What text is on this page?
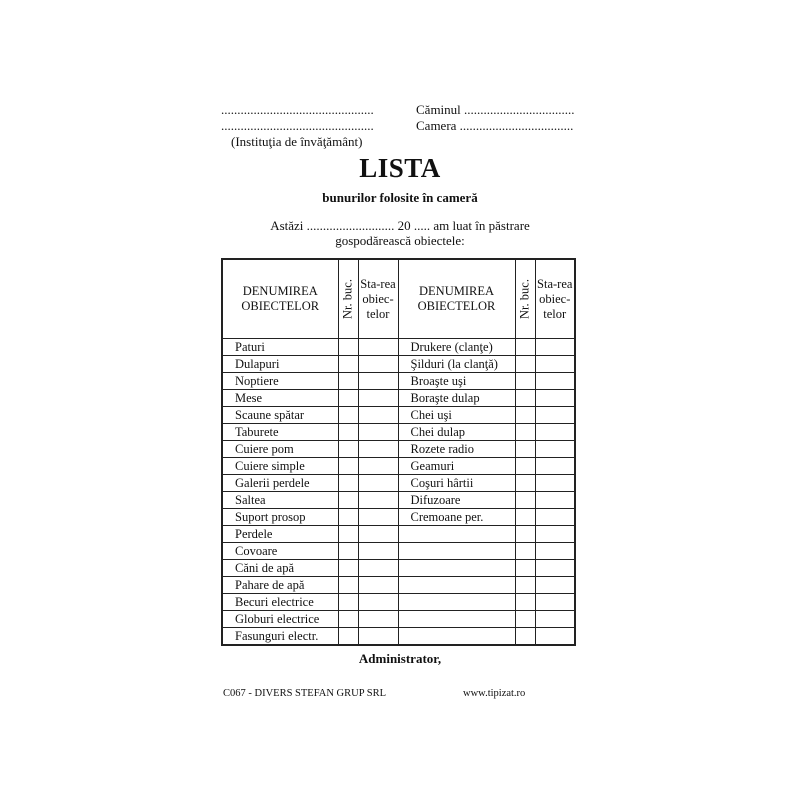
...............................................
...............................................
(Instituţia de învăţământ)
Căminul ..................................
Camera ...................................
LISTA
bunurilor folosite în cameră
Astăzi ........................... 20 ..... am luat în păstrare
gospodărească obiectele:
DENUMIREA OBIECTELOR	Nr. buc.	Sta-rea obiec-telor	DENUMIREA OBIECTELOR	Nr. buc.	Sta-rea obiec-telor
Paturi			Drukere (clanţe)		
Dulapuri			Şilduri (la clanţă)		
Noptiere			Broaşte uşi		
Mese			Boraşte dulap		
Scaune spătar			Chei uşi		
Taburete			Chei dulap		
Cuiere pom			Rozete radio		
Cuiere simple			Geamuri		
Galerii perdele			Coşuri hârtii		
Saltea			Difuzoare		
Suport prosop			Cremoane per.		
Perdele					
Covoare					
Căni de apă					
Pahare de apă					
Becuri electrice					
Globuri electrice					
Fasunguri electr.					
Administrator,
C067 - DIVERS STEFAN GRUP SRL	www.tipizat.ro
